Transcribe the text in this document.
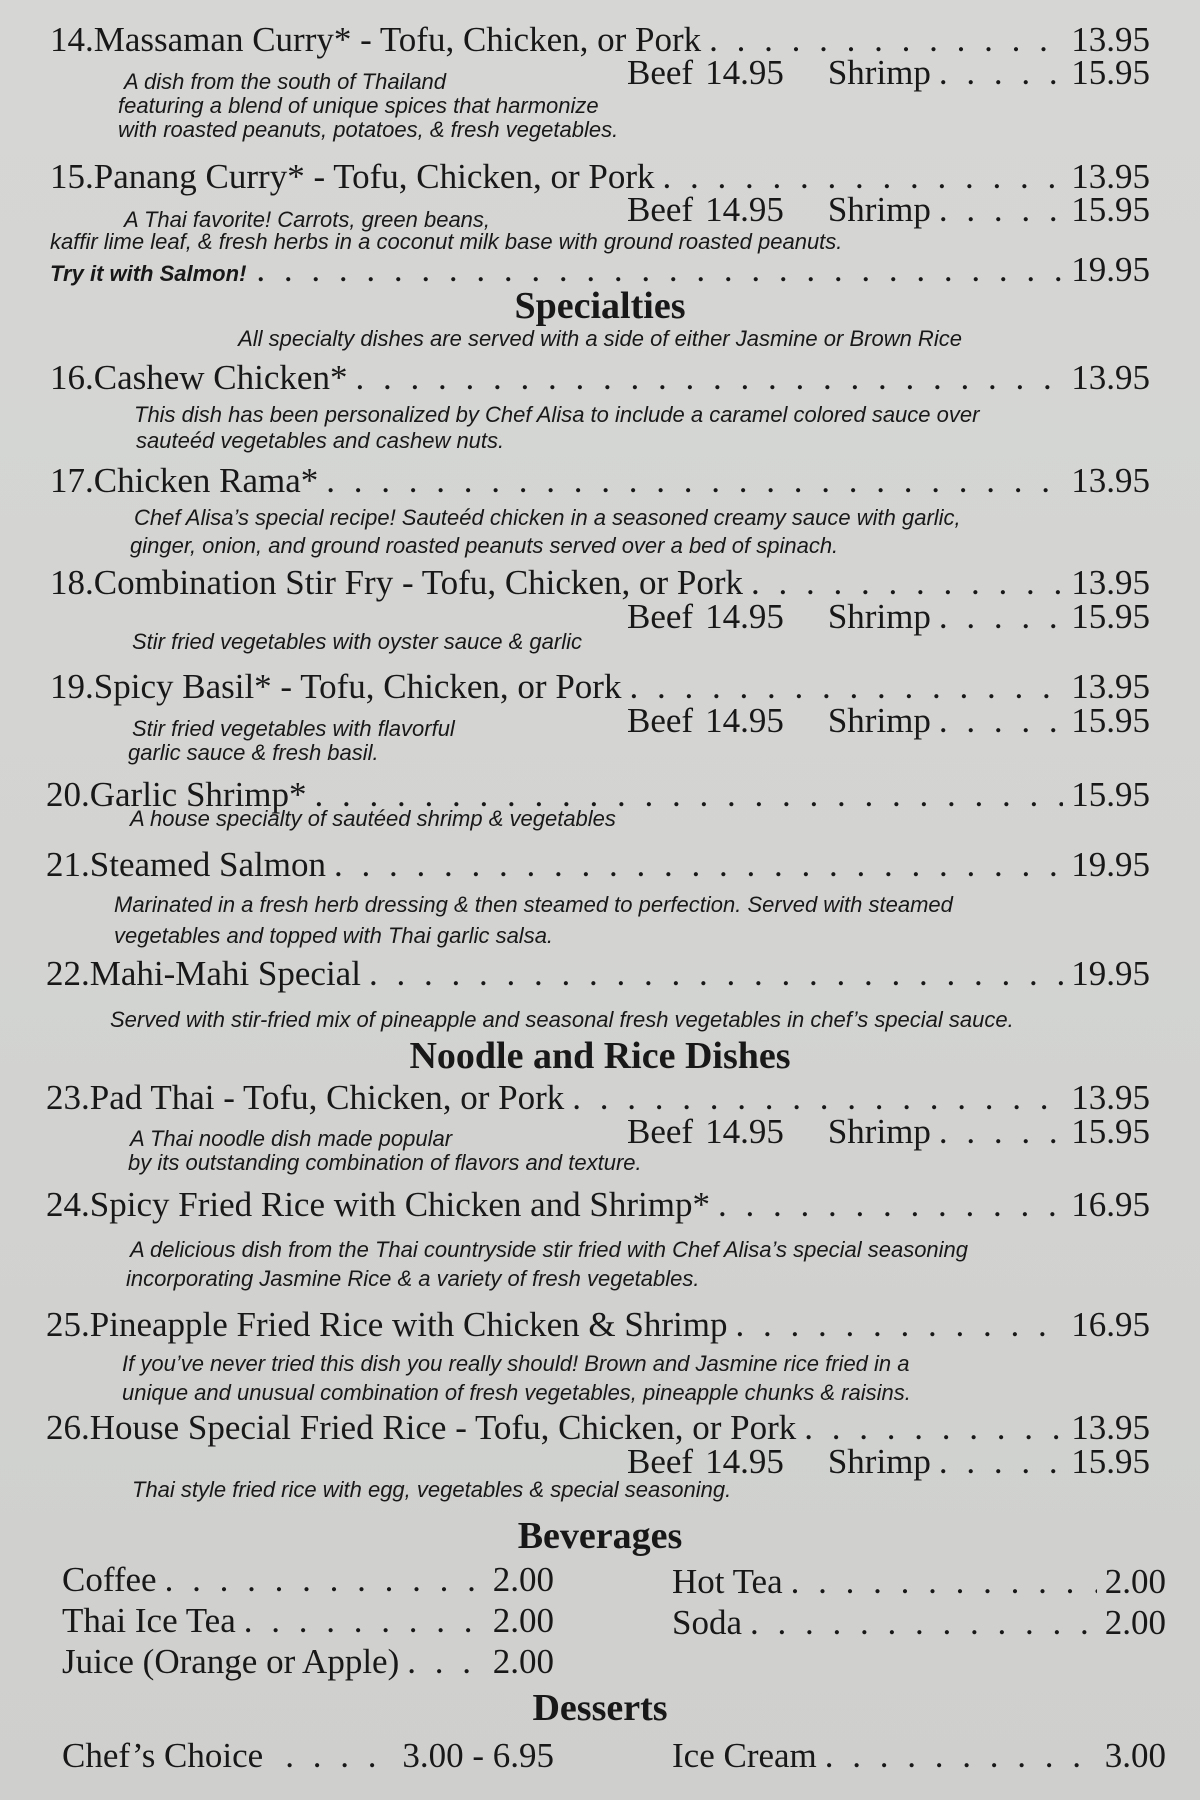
14. Massaman Curry* - Tofu, Chicken, or Pork . . .	13.95
Beef 14.95 Shrimp . . .	15.95
A dish from the south of Thailand
featuring a blend of unique spices that harmonize
with roasted peanuts, potatoes, & fresh vegetables.
15. Panang Curry* - Tofu, Chicken, or Pork . . .	13.95
Beef 14.95 Shrimp . . .	15.95
A Thai favorite! Carrots, green beans,
kaffir lime leaf, & fresh herbs in a coconut milk base with ground roasted peanuts.
Try it with Salmon! . . .	19.95
Specialties
All specialty dishes are served with a side of either Jasmine or Brown Rice
16. Cashew Chicken* . . .	13.95
This dish has been personalized by Chef Alisa to include a caramel colored sauce over
sauteéd vegetables and cashew nuts.
17. Chicken Rama* . . .	13.95
Chef Alisa’s special recipe! Sauteéd chicken in a seasoned creamy sauce with garlic,
ginger, onion, and ground roasted peanuts served over a bed of spinach.
18. Combination Stir Fry - Tofu, Chicken, or Pork . . .	13.95
Beef 14.95 Shrimp . . .	15.95
Stir fried vegetables with oyster sauce & garlic
19. Spicy Basil* - Tofu, Chicken, or Pork . . .	13.95
Beef 14.95 Shrimp . . .	15.95
Stir fried vegetables with flavorful
garlic sauce & fresh basil.
20. Garlic Shrimp* . . .	15.95
A house specialty of sautéed shrimp & vegetables
21. Steamed Salmon . . .	19.95
Marinated in a fresh herb dressing & then steamed to perfection. Served with steamed
vegetables and topped with Thai garlic salsa.
22. Mahi-Mahi Special . . .	19.95
Served with stir-fried mix of pineapple and seasonal fresh vegetables in chef’s special sauce.
Noodle and Rice Dishes
23. Pad Thai - Tofu, Chicken, or Pork . . .	13.95
Beef 14.95 Shrimp . . .	15.95
A Thai noodle dish made popular
by its outstanding combination of flavors and texture.
24. Spicy Fried Rice with Chicken and Shrimp* . . .	16.95
A delicious dish from the Thai countryside stir fried with Chef Alisa’s special seasoning
incorporating Jasmine Rice & a variety of fresh vegetables.
25. Pineapple Fried Rice with Chicken & Shrimp . . .	16.95
If you’ve never tried this dish you really should! Brown and Jasmine rice fried in a
unique and unusual combination of fresh vegetables, pineapple chunks & raisins.
26. House Special Fried Rice - Tofu, Chicken, or Pork . . .	13.95
Beef 14.95 Shrimp . . .	15.95
Thai style fried rice with egg, vegetables & special seasoning.
Beverages
Coffee . . .	2.00
Thai Ice Tea . . .	2.00
Juice (Orange or Apple) . . .	2.00
Hot Tea . . .	2.00
Soda . . .	2.00
Desserts
Chef’s Choice . . .	3.00 - 6.95	Ice Cream . . .	3.00
